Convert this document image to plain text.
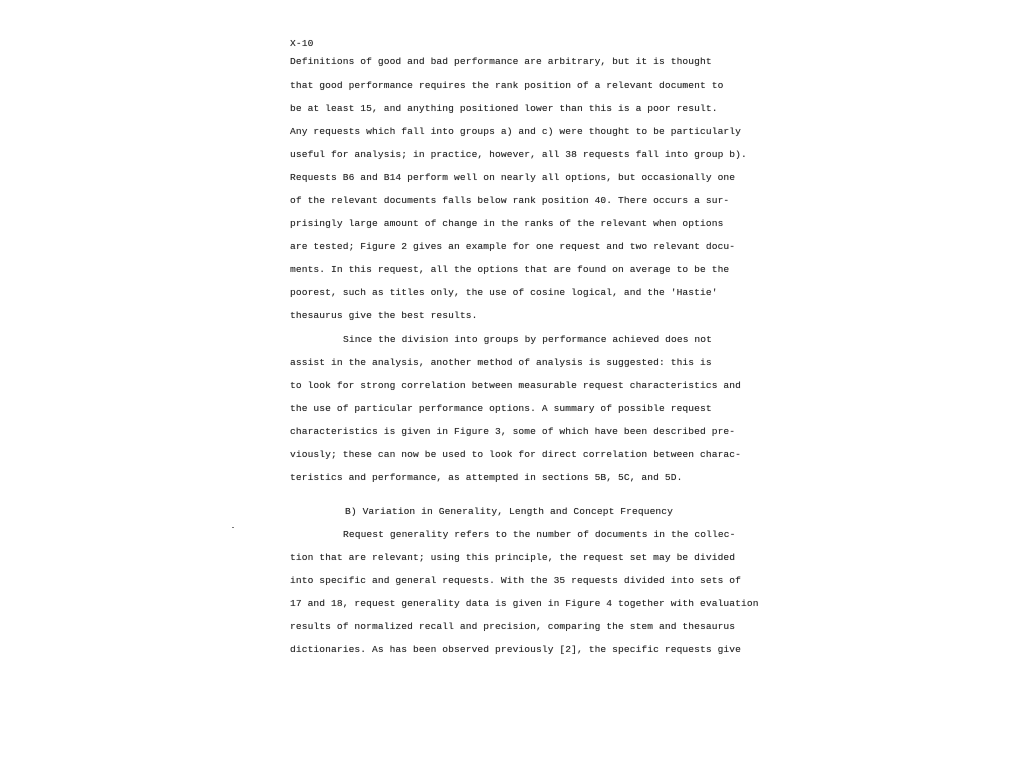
X-10

Definitions of good and bad performance are arbitrary, but it is thought

that good performance requires the rank position of a relevant document to

be at least 15, and anything positioned lower than this is a poor result.

Any requests which fall into groups a) and c) were thought to be particularly

useful for analysis; in practice, however, all 38 requests fall into group b).

Requests B6 and B14 perform well on nearly all options, but occasionally one

of the relevant documents falls below rank position 40. There occurs a sur-

prisingly large amount of change in the ranks of the relevant when options

are tested; Figure 2 gives an example for one request and two relevant docu-

ments. In this request, all the options that are found on average to be the

poorest, such as titles only, the use of cosine logical, and the 'Hastie'

thesaurus give the best results.

Since the division into groups by performance achieved does not

assist in the analysis, another method of analysis is suggested: this is

to look for strong correlation between measurable request characteristics and

the use of particular performance options. A summary of possible request

characteristics is given in Figure 3, some of which have been described pre-

viously; these can now be used to look for direct correlation between charac-

teristics and performance, as attempted in sections 5B, 5C, and 5D.

B) Variation in Generality, Length and Concept Frequency

Request generality refers to the number of documents in the collec-

tion that are relevant; using this principle, the request set may be divided

into specific and general requests. With the 35 requests divided into sets of

17 and 18, request generality data is given in Figure 4 together with evaluation

results of normalized recall and precision, comparing the stem and thesaurus

dictionaries. As has been observed previously [2], the specific requests give
